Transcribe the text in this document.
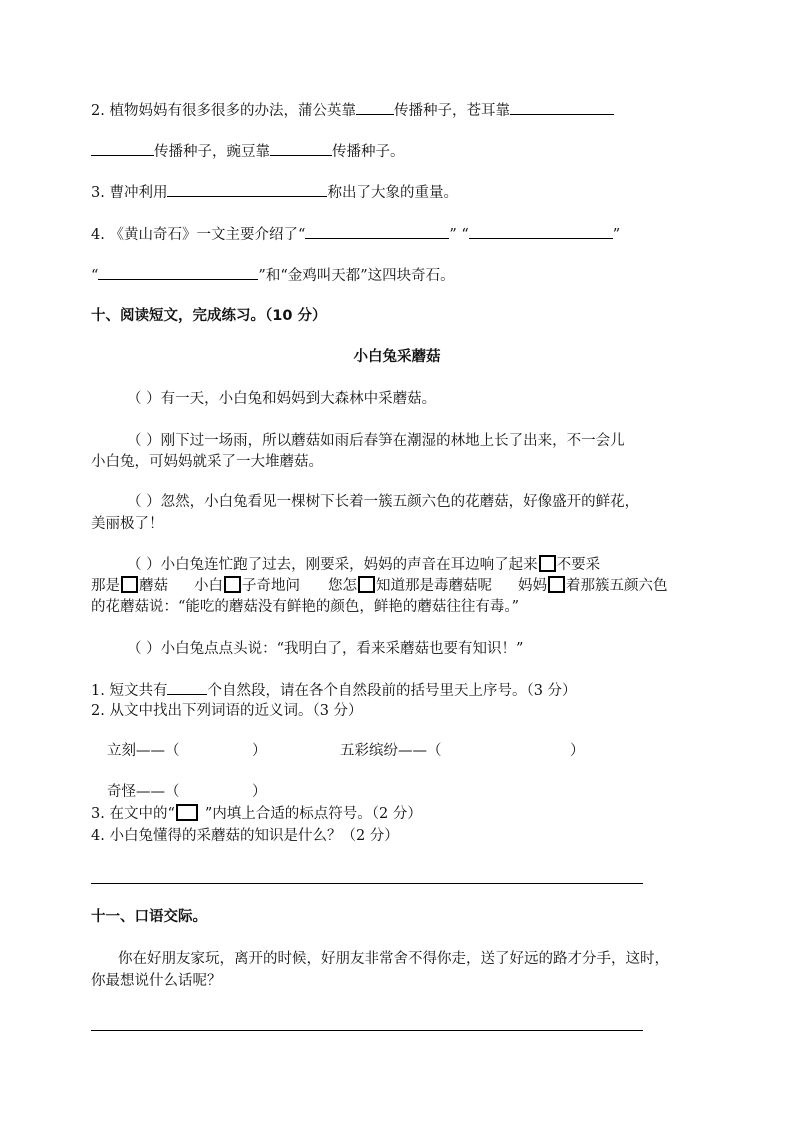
2. 植物妈妈有很多很多的办法，蒲公英靠	传播种子，苍耳靠
传播种子，豌豆靠	传播种子。
3. 曹冲利用	称出了大象的重量。
4. 《黄山奇石》一文主要介绍了“	” “	”
“	”和“金鸡叫天都”这四块奇石。
十、阅读短文，完成练习。（10 分）
小白兔采蘑菇
（ ）有一天，小白兔和妈妈到大森林中采蘑菇。
（ ）刚下过一场雨，所以蘑菇如雨后春笋在潮湿的林地上长了出来，不一会儿
小白兔，可妈妈就采了一大堆蘑菇。
（ ）忽然，小白兔看见一棵树下长着一簇五颜六色的花蘑菇，好像盛开的鲜花，
美丽极了！
（ ）小白兔连忙跑了过去，刚要采，妈妈的声音在耳边响了起来 不要采
那是 蘑菇 小白 子奇地问 您怎 知道那是毒蘑菇呢 妈妈 着那簇五颜六色
的花蘑菇说：“能吃的蘑菇没有鲜艳的颜色，鲜艳的蘑菇往往有毒。”
（ ）小白兔点点头说：“我明白了，看来采蘑菇也要有知识！”
1. 短文共有	个自然段，请在各个自然段前的括号里天上序号。（3 分）
2. 从文中找出下列词语的近义词。（3 分）
立刻——（	）	五彩缤纷——（	）
奇怪——（	）
3. 在文中的“ ”内填上合适的标点符号。（2 分）
4. 小白兔懂得的采蘑菇的知识是什么？（2 分）
十一、口语交际。
你在好朋友家玩，离开的时候，好朋友非常舍不得你走，送了好远的路才分手，这时，
你最想说什么话呢？
